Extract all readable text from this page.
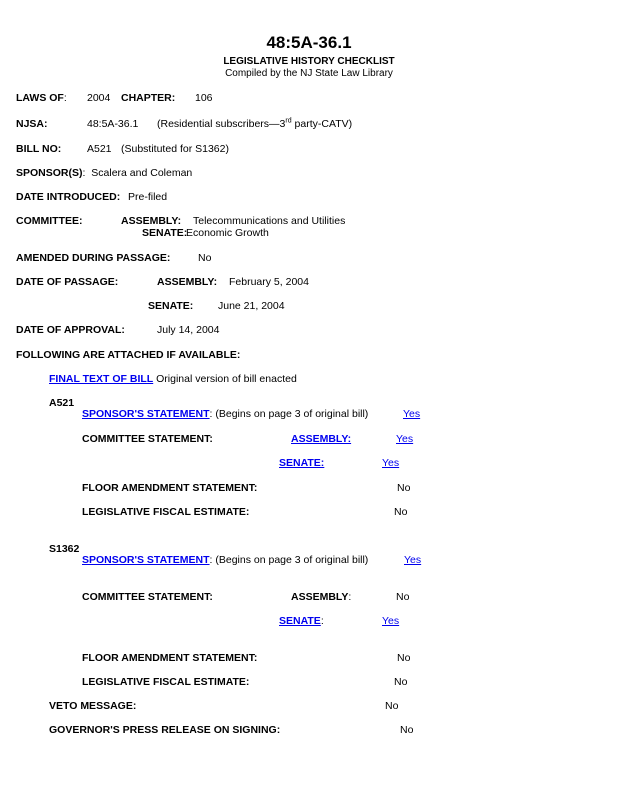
48:5A-36.1
LEGISLATIVE HISTORY CHECKLIST
Compiled by the NJ State Law Library
LAWS OF: 2004 CHAPTER: 106
NJSA:	48:5A-36.1 (Residential subscribers—3rd party-CATV)
BILL NO: A521 (Substituted for S1362)
SPONSOR(S): Scalera and Coleman
DATE INTRODUCED: Pre-filed
COMMITTEE:	ASSEMBLY: Telecommunications and Utilities
SENATE:
Economic Growth
AMENDED DURING PASSAGE:	No
DATE OF PASSAGE:	ASSEMBLY: February 5, 2004
SENATE: June 21, 2004
DATE OF APPROVAL:	July 14, 2004
FOLLOWING ARE ATTACHED IF AVAILABLE:
FINAL TEXT OF BILL Original version of bill enacted
A521
SPONSOR'S STATEMENT: (Begins on page 3 of original bill)	Yes
COMMITTEE STATEMENT:	ASSEMBLY:	Yes
SENATE:	Yes
FLOOR AMENDMENT STATEMENT:	No
LEGISLATIVE FISCAL ESTIMATE:	No
S1362
SPONSOR'S STATEMENT: (Begins on page 3 of original bill)	Yes
COMMITTEE STATEMENT:	ASSEMBLY:	No
SENATE:	Yes
FLOOR AMENDMENT STATEMENT:	No
LEGISLATIVE FISCAL ESTIMATE:	No
VETO MESSAGE:	No
GOVERNOR'S PRESS RELEASE ON SIGNING:	No
